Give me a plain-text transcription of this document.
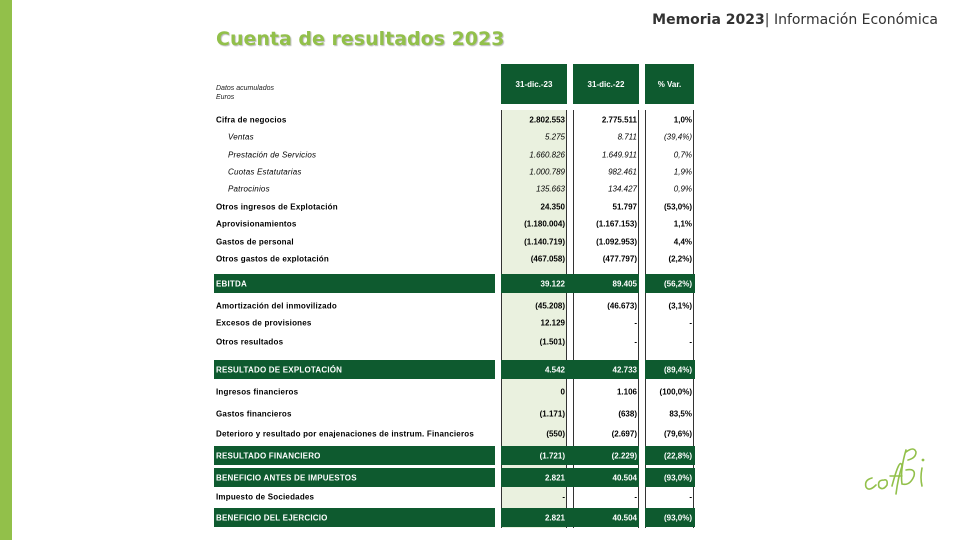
Memoria 2023| Información Económica
Cuenta de resultados 2023
Datos acumulados
Euros
31-dic.-23	31-dic.-22	% Var.
Cifra de negocios	2.802.553	2.775.511	1,0%
Ventas	5.275	8.711	(39,4%)
Prestación de Servicios	1.660.826	1.649.911	0,7%
Cuotas Estatutarias	1.000.789	982.461	1,9%
Patrocinios	135.663	134.427	0,9%
Otros ingresos de Explotación	24.350	51.797	(53,0%)
Aprovisionamientos	(1.180.004)	(1.167.153)	1,1%
Gastos de personal	(1.140.719)	(1.092.953)	4,4%
Otros gastos de explotación	(467.058)	(477.797)	(2,2%)
EBITDA	39.122	89.405	(56,2%)
Amortización del inmovilizado	(45.208)	(46.673)	(3,1%)
Excesos de provisiones	12.129	-	-
Otros resultados	(1.501)	-	-
RESULTADO DE EXPLOTACIÓN	4.542	42.733	(89,4%)
Ingresos financieros	0	1.106	(100,0%)
Gastos financieros	(1.171)	(638)	83,5%
Deterioro y resultado por enajenaciones de instrum. Financieros	(550)	(2.697)	(79,6%)
RESULTADO FINANCIERO	(1.721)	(2.229)	(22,8%)
BENEFICIO ANTES DE IMPUESTOS	2.821	40.504	(93,0%)
Impuesto de Sociedades	-	-	-
BENEFICIO DEL EJERCICIO	2.821	40.504	(93,0%)
